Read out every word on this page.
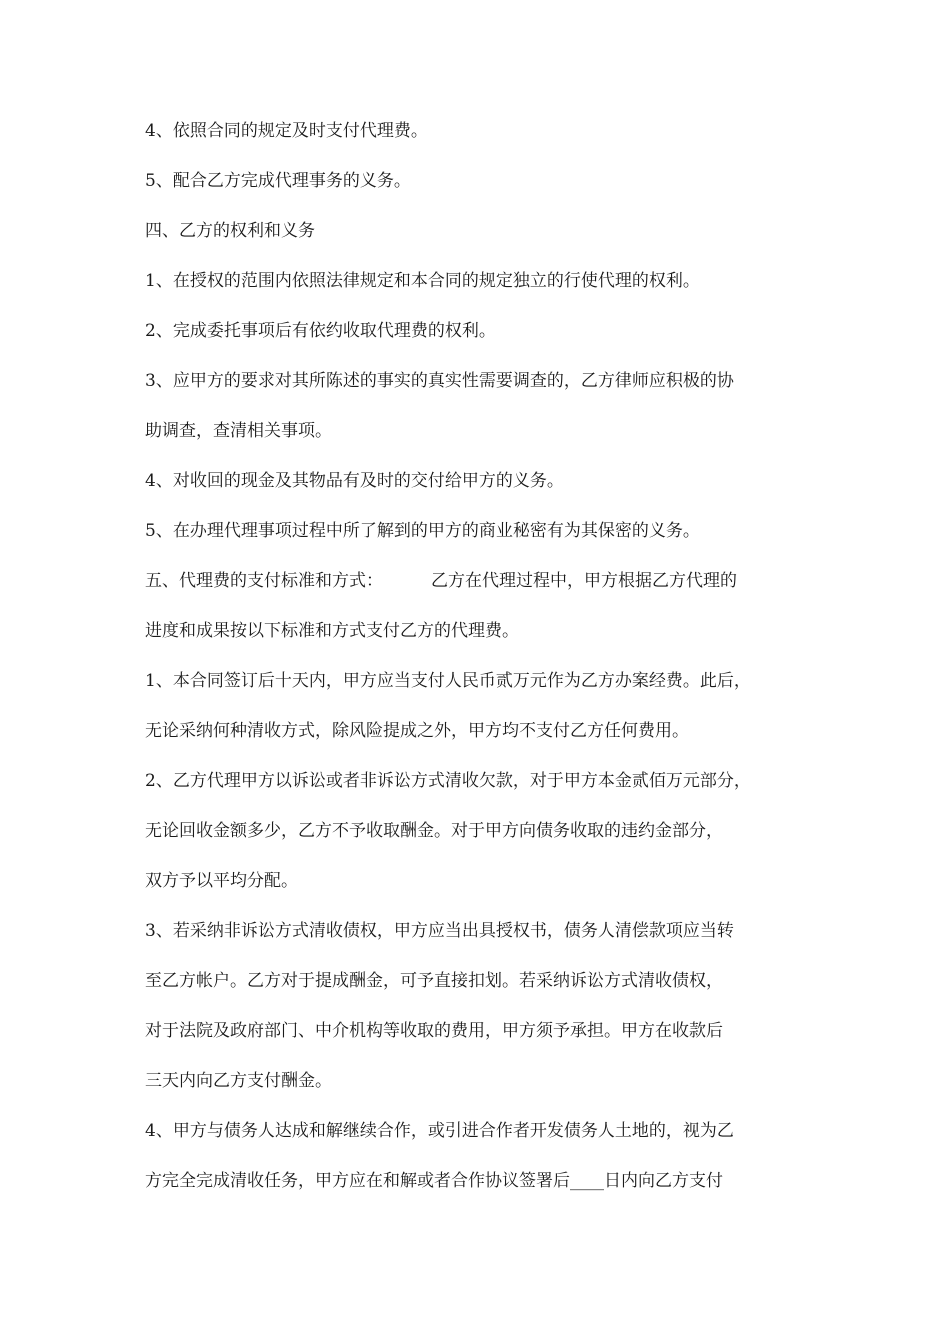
4、依照合同的规定及时支付代理费。
5、配合乙方完成代理事务的义务。
四、乙方的权利和义务
1、在授权的范围内依照法律规定和本合同的规定独立的行使代理的权利。
2、完成委托事项后有依约收取代理费的权利。
3、应甲方的要求对其所陈述的事实的真实性需要调查的，乙方律师应积极的协
助调查，查清相关事项。
4、对收回的现金及其物品有及时的交付给甲方的义务。
5、在办理代理事项过程中所了解到的甲方的商业秘密有为其保密的义务。
五、代理费的支付标准和方式：	乙方在代理过程中，甲方根据乙方代理的
进度和成果按以下标准和方式支付乙方的代理费。
1、本合同签订后十天内，甲方应当支付人民币贰万元作为乙方办案经费。此后，
无论采纳何种清收方式，除风险提成之外，甲方均不支付乙方任何费用。
2、乙方代理甲方以诉讼或者非诉讼方式清收欠款，对于甲方本金贰佰万元部分，
无论回收金额多少，乙方不予收取酬金。对于甲方向债务收取的违约金部分，
双方予以平均分配。
3、若采纳非诉讼方式清收债权，甲方应当出具授权书，债务人清偿款项应当转
至乙方帐户。乙方对于提成酬金，可予直接扣划。若采纳诉讼方式清收债权，
对于法院及政府部门、中介机构等收取的费用，甲方须予承担。甲方在收款后
三天内向乙方支付酬金。
4、甲方与债务人达成和解继续合作，或引进合作者开发债务人土地的，视为乙
方完全完成清收任务，甲方应在和解或者合作协议签署后____日内向乙方支付
